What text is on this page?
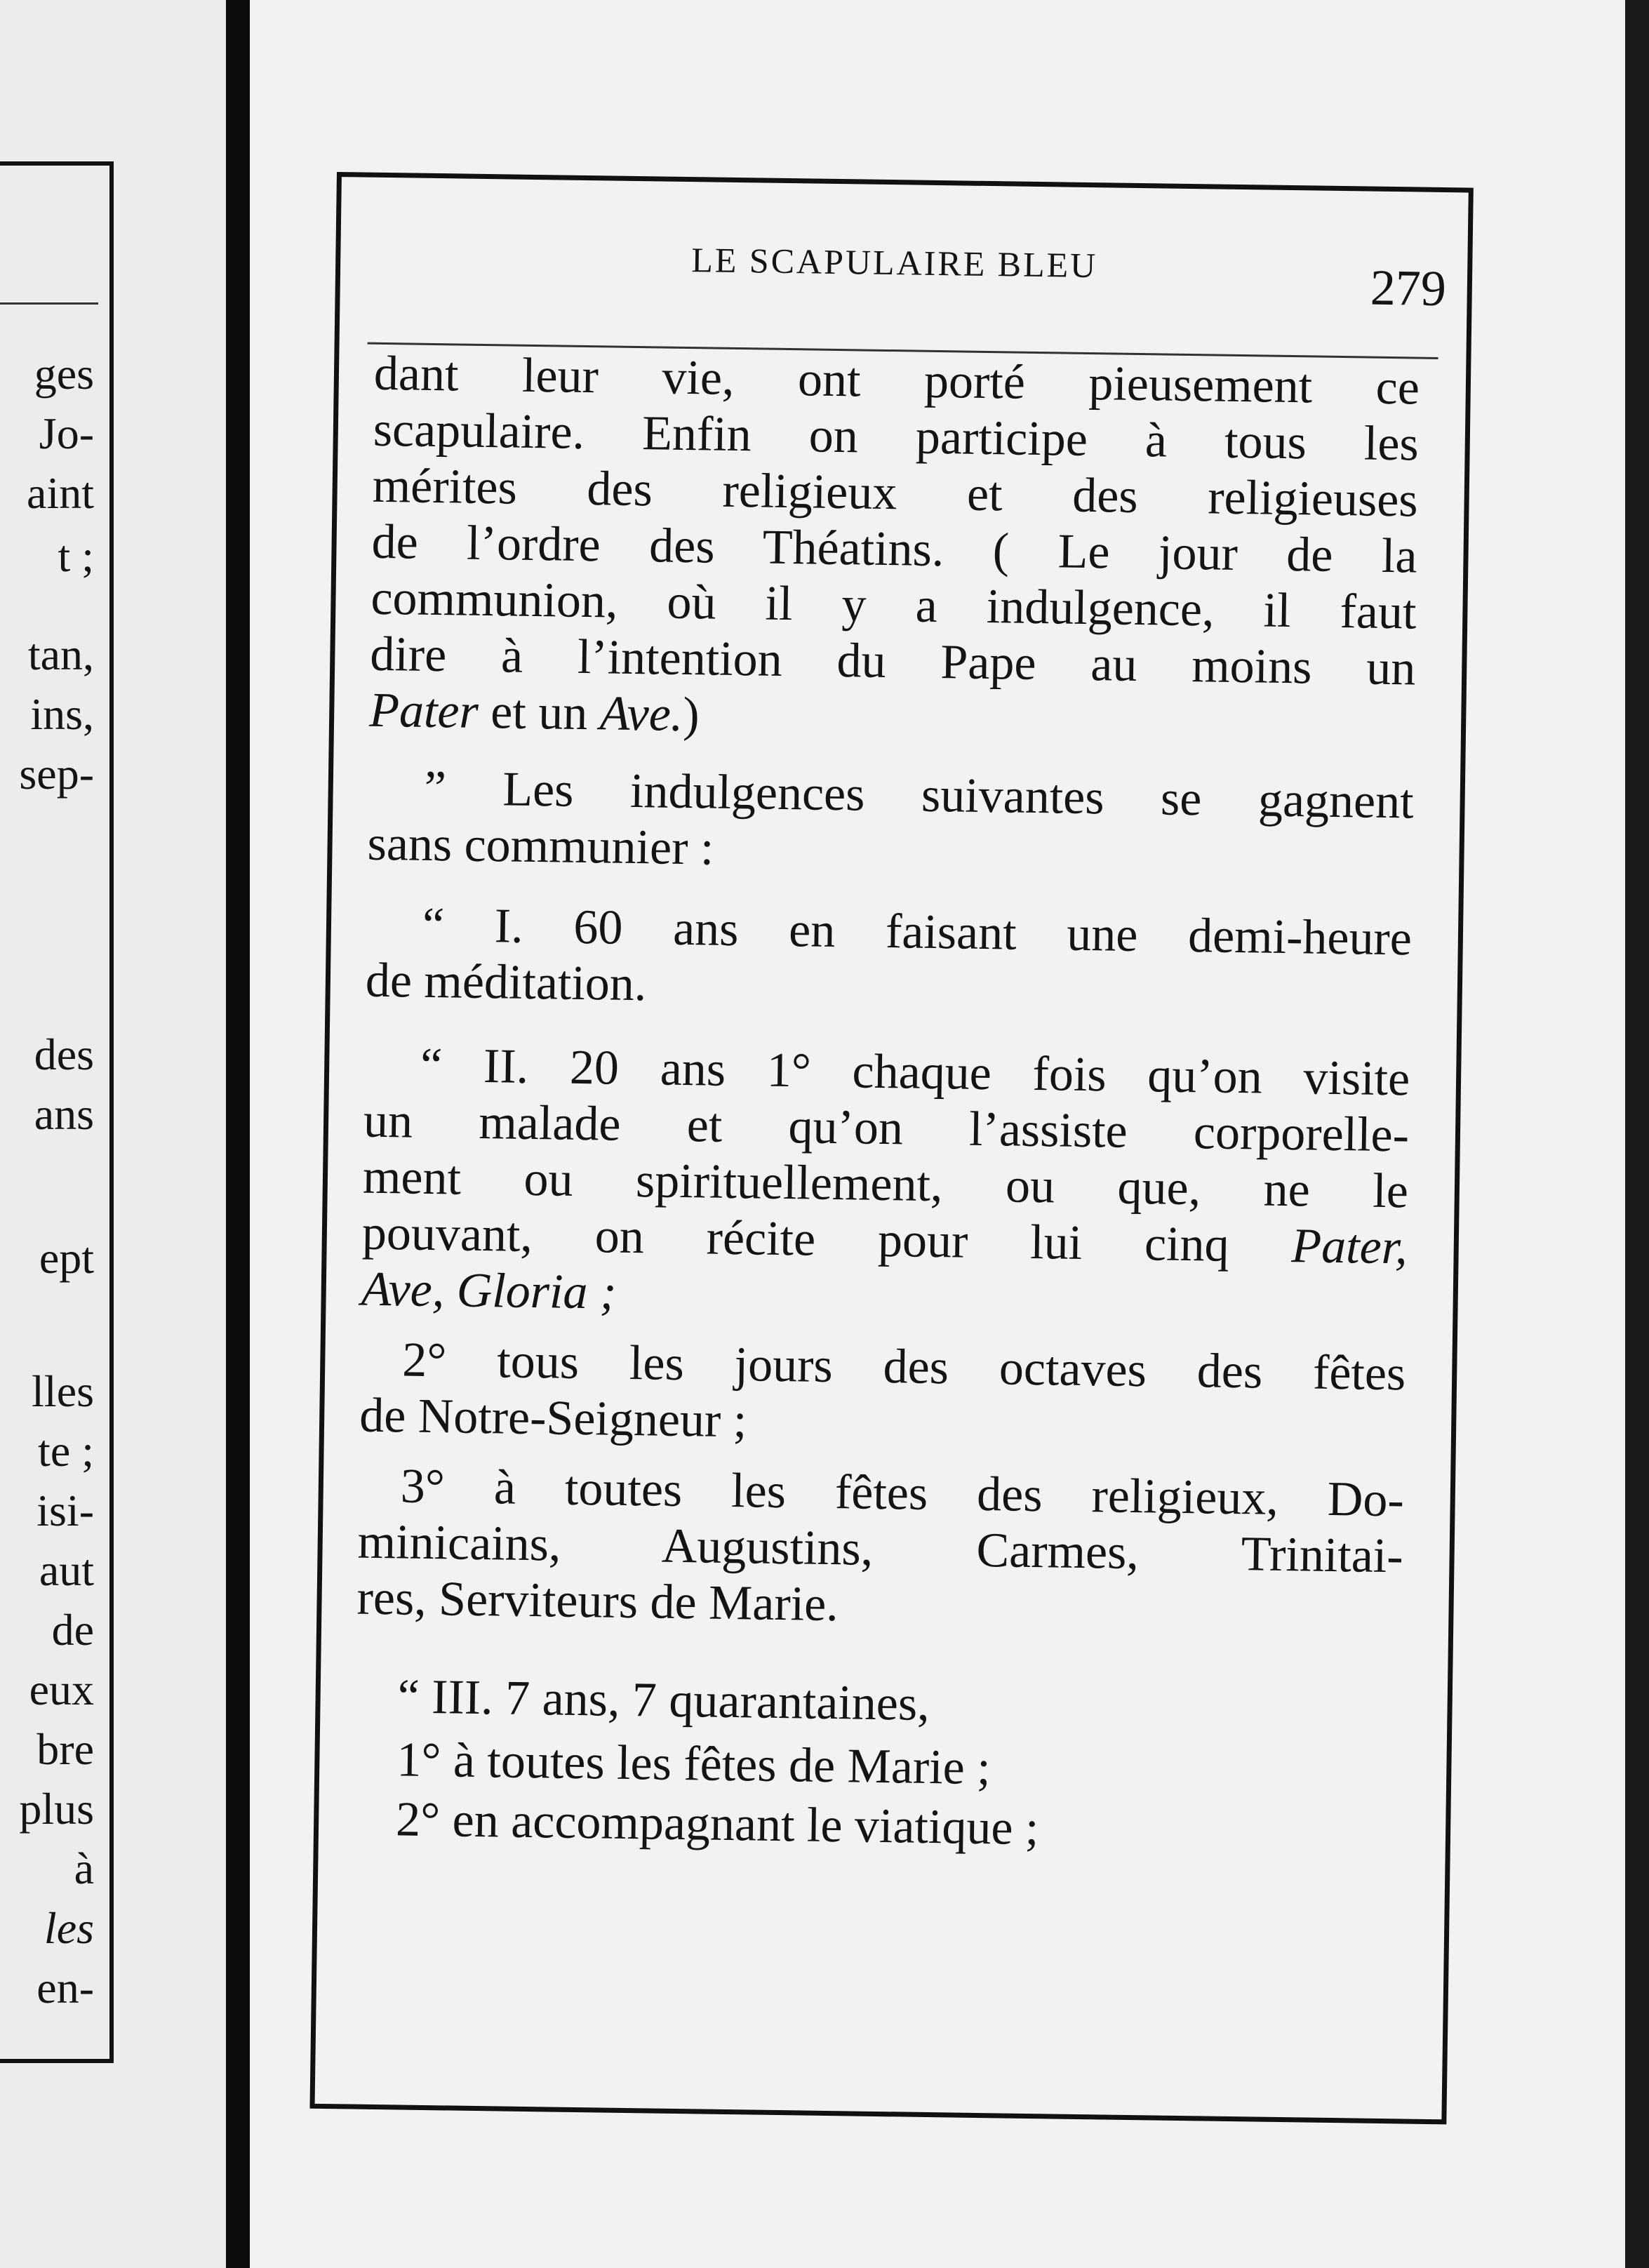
ges
Jo-
aint
t ;
tan,
ins,
sep-
des
ans
ept
lles
te ;
isi-
aut
de
eux
bre
plus
à
les
en-
LE SCAPULAIRE BLEU	279
dant leur vie, ont porté pieusement ce
scapulaire. Enfin on participe à tous les
mérites des religieux et des religieuses
de l’ordre des Théatins. ( Le jour de la
communion, où il y a indulgence, il faut
dire à l’intention du Pape au moins un
Pater et un Ave.)
” Les indulgences suivantes se gagnent
sans communier :
“ I. 60 ans en faisant une demi-heure
de méditation.
“ II. 20 ans 1° chaque fois qu’on visite
un malade et qu’on l’assiste corporelle-
ment ou spirituellement, ou que, ne le
pouvant, on récite pour lui cinq Pater,
Ave, Gloria ;
2° tous les jours des octaves des fêtes
de Notre-Seigneur ;
3° à toutes les fêtes des religieux, Do-
minicains, Augustins, Carmes, Trinitai-
res, Serviteurs de Marie.
“ III. 7 ans, 7 quarantaines,
1° à toutes les fêtes de Marie ;
2° en accompagnant le viatique ;
